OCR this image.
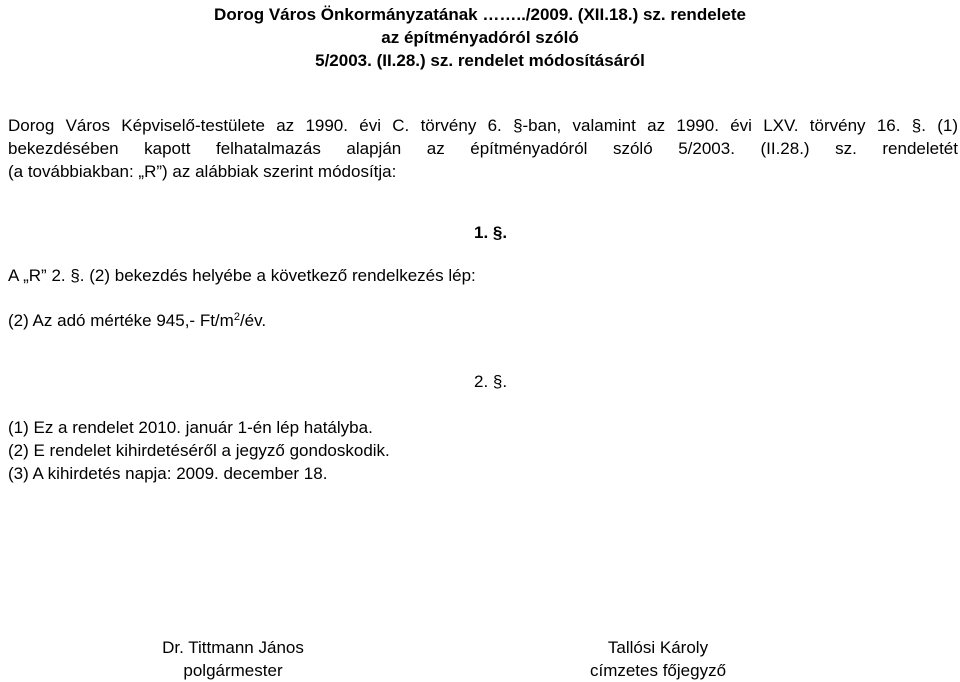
Dorog Város Önkormányzatának ……../2009. (XII.18.) sz. rendelete
az építményadóról szóló
5/2003. (II.28.) sz. rendelet módosításáról
Dorog Város Képviselő-testülete az 1990. évi C. törvény 6. §-ban, valamint az 1990. évi LXV. törvény 16. §. (1)
bekezdésében kapott felhatalmazás alapján az építményadóról szóló 5/2003. (II.28.) sz. rendeletét
(a továbbiakban: „R”) az alábbiak szerint módosítja:
1. §.
A „R” 2. §. (2) bekezdés helyébe a következő rendelkezés lép:
(2) Az adó mértéke 945,- $Ft/m^2/év$.
2. §.
(1) Ez a rendelet 2010. január 1-én lép hatályba.
(2) E rendelet kihirdetéséről a jegyző gondoskodik.
(3) A kihirdetés napja: 2009. december 18.
Dr. Tittmann János
polgármester
Tallósi Károly
címzetes főjegyző
